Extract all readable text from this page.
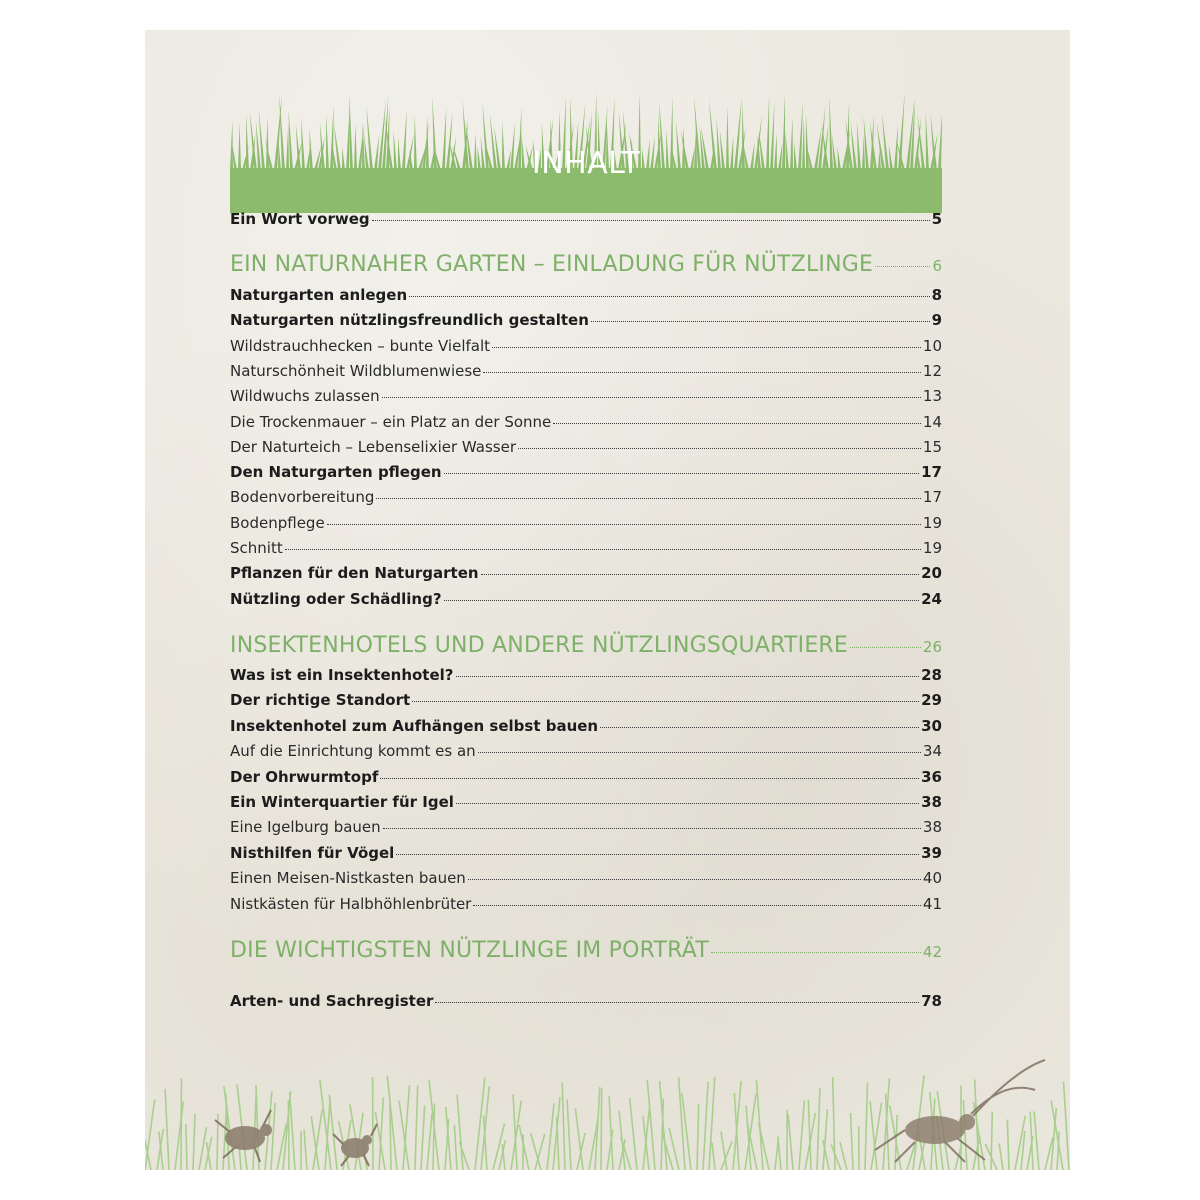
INHALT
Ein Wort vorweg	5
EIN NATURNAHER GARTEN – EINLADUNG FÜR NÜTZLINGE	6
Naturgarten anlegen	8
Naturgarten nützlingsfreundlich gestalten	9
Wildstrauchhecken – bunte Vielfalt	10
Naturschönheit Wildblumenwiese	12
Wildwuchs zulassen	13
Die Trockenmauer – ein Platz an der Sonne	14
Der Naturteich – Lebenselixier Wasser	15
Den Naturgarten pflegen	17
Bodenvorbereitung	17
Bodenpflege	19
Schnitt	19
Pflanzen für den Naturgarten	20
Nützling oder Schädling?	24
INSEKTENHOTELS UND ANDERE NÜTZLINGSQUARTIERE	26
Was ist ein Insektenhotel?	28
Der richtige Standort	29
Insektenhotel zum Aufhängen selbst bauen	30
Auf die Einrichtung kommt es an	34
Der Ohrwurmtopf	36
Ein Winterquartier für Igel	38
Eine Igelburg bauen	38
Nisthilfen für Vögel	39
Einen Meisen-Nistkasten bauen	40
Nistkästen für Halbhöhlenbrüter	41
DIE WICHTIGSTEN NÜTZLINGE IM PORTRÄT	42
Arten- und Sachregister	78
